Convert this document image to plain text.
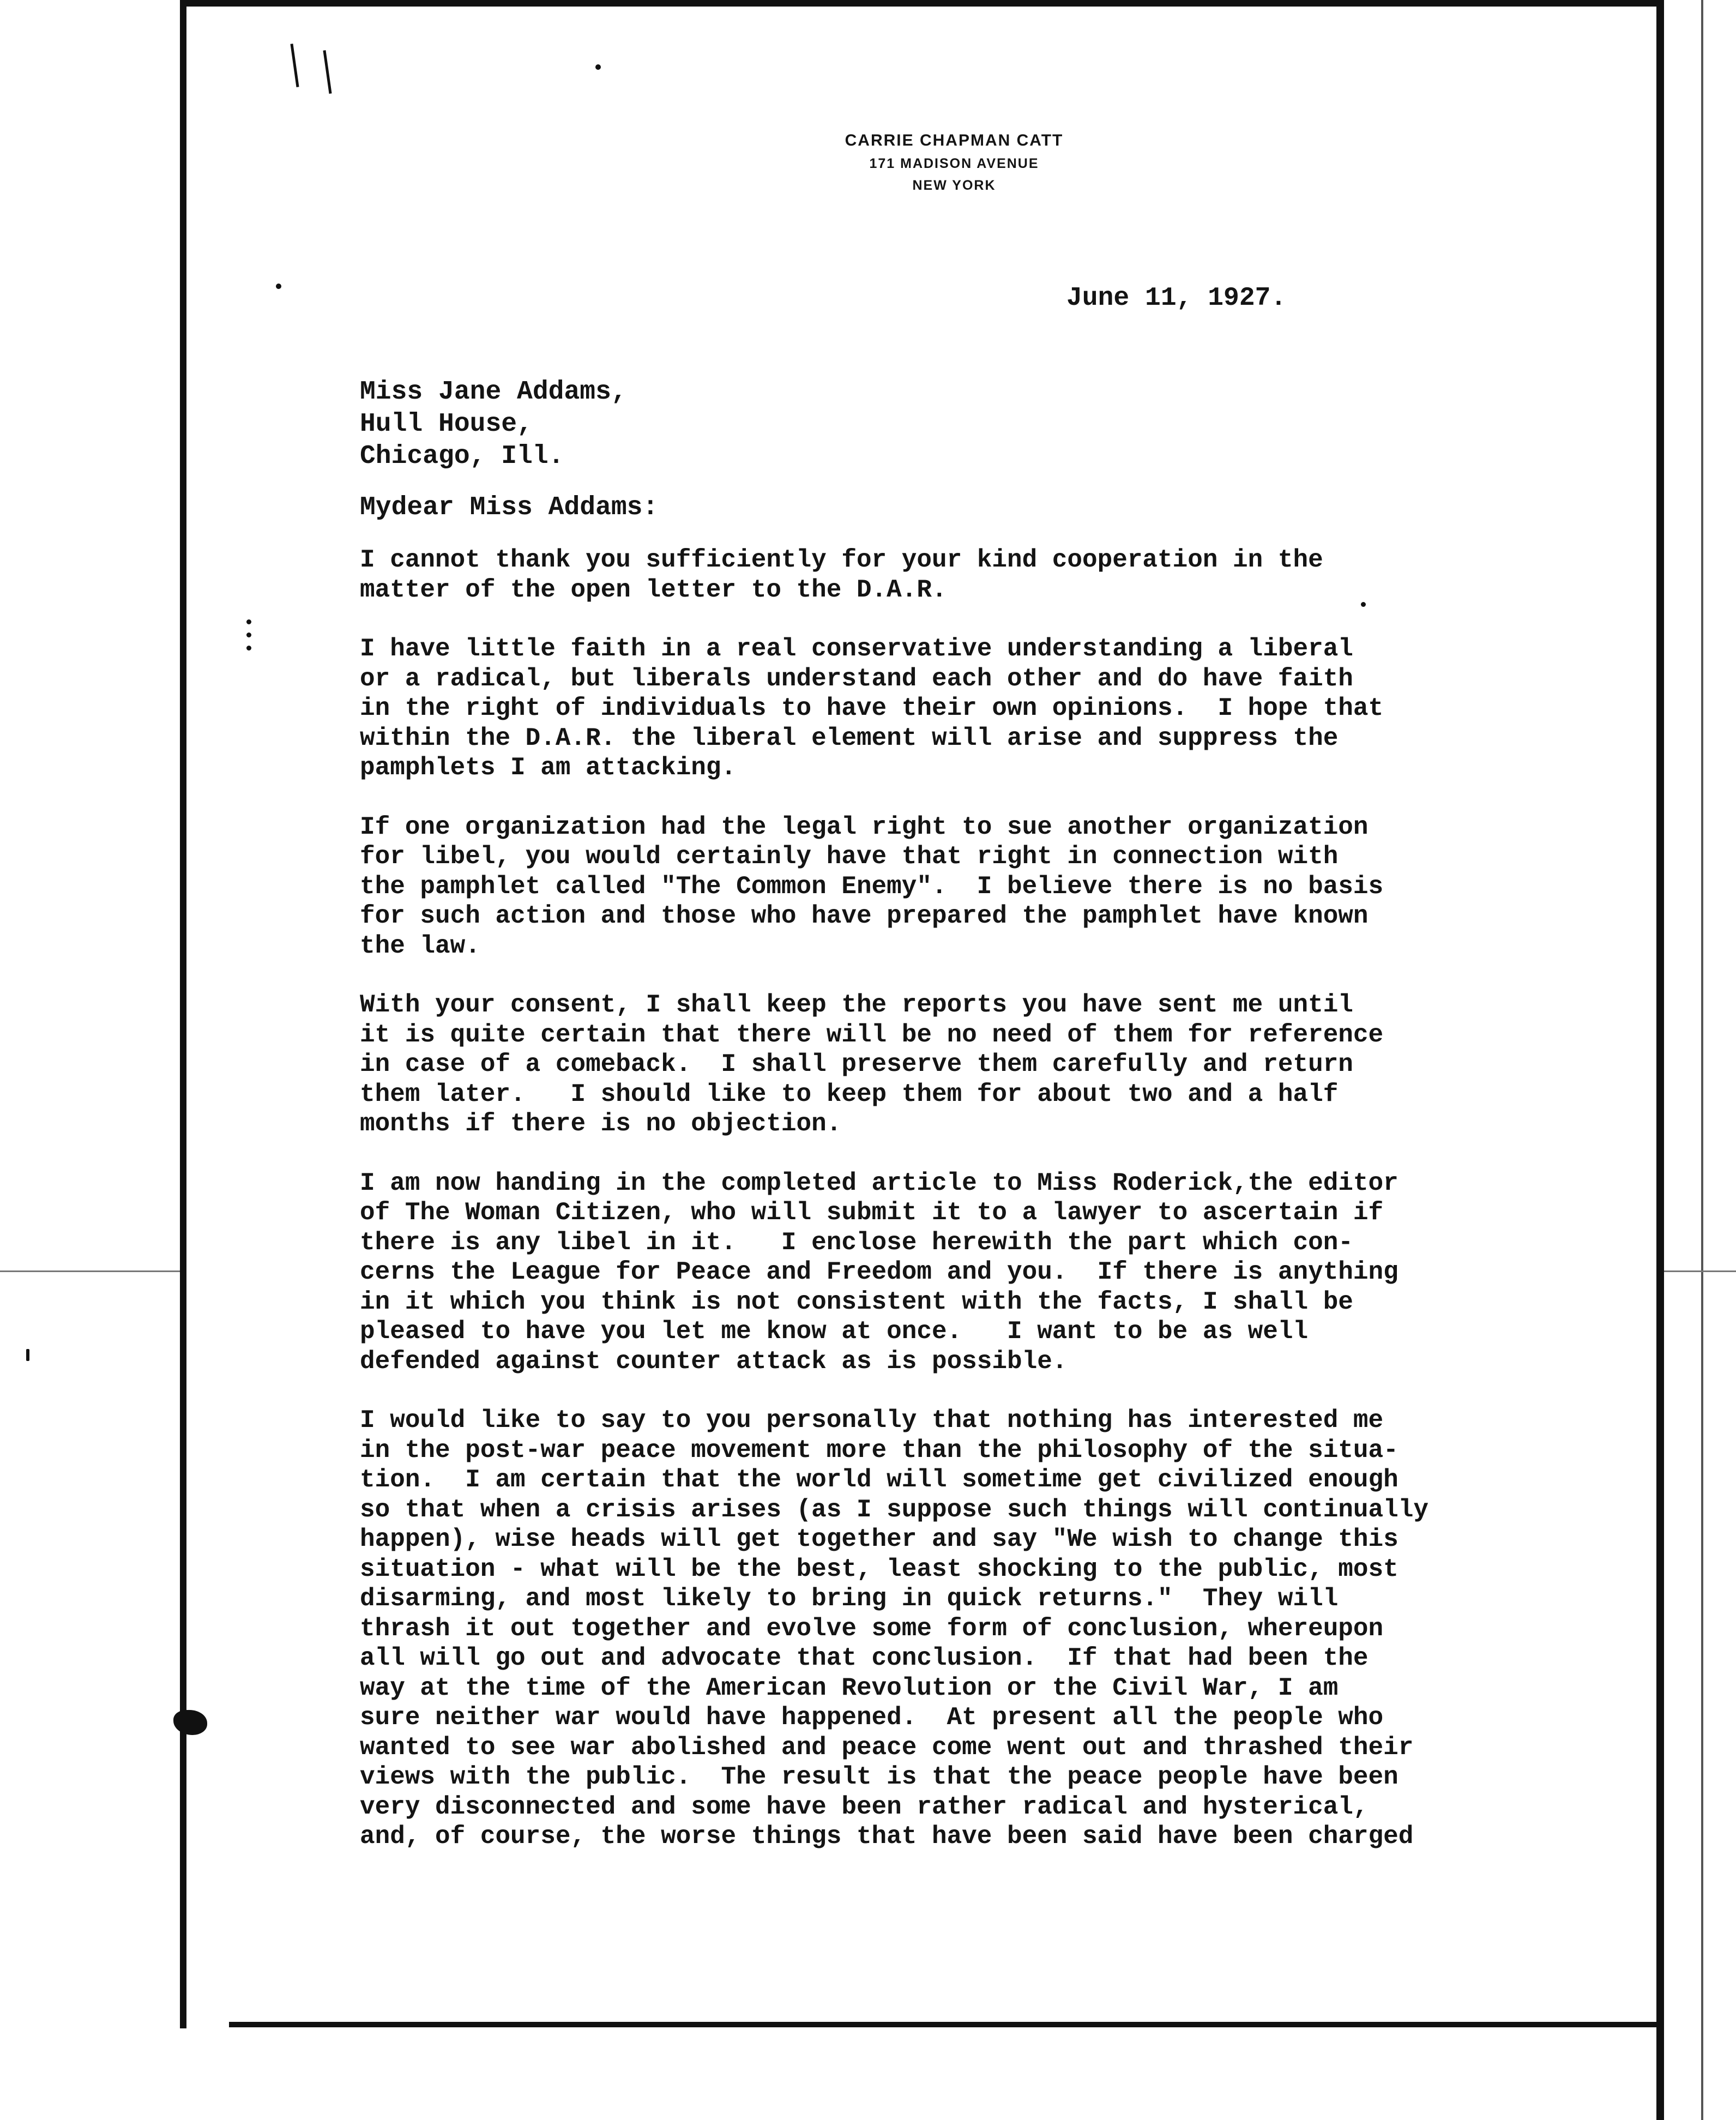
CARRIE CHAPMAN CATT
171 MADISON AVENUE
NEW YORK
June 11, 1927.
Miss Jane Addams,
Hull House,
Chicago, Ill.
Mydear Miss Addams:
I cannot thank you sufficiently for your kind cooperation in the
matter of the open letter to the D.A.R.
I have little faith in a real conservative understanding a liberal
or a radical, but liberals understand each other and do have faith
in the right of individuals to have their own opinions.  I hope that
within the D.A.R. the liberal element will arise and suppress the
pamphlets I am attacking.
If one organization had the legal right to sue another organization
for libel, you would certainly have that right in connection with
the pamphlet called "The Common Enemy".  I believe there is no basis
for such action and those who have prepared the pamphlet have known
the law.
With your consent, I shall keep the reports you have sent me until
it is quite certain that there will be no need of them for reference
in case of a comeback.  I shall preserve them carefully and return
them later.   I should like to keep them for about two and a half
months if there is no objection.
I am now handing in the completed article to Miss Roderick,the editor
of The Woman Citizen, who will submit it to a lawyer to ascertain if
there is any libel in it.   I enclose herewith the part which con-
cerns the League for Peace and Freedom and you.  If there is anything
in it which you think is not consistent with the facts, I shall be
pleased to have you let me know at once.   I want to be as well
defended against counter attack as is possible.
I would like to say to you personally that nothing has interested me
in the post-war peace movement more than the philosophy of the situa-
tion.  I am certain that the world will sometime get civilized enough
so that when a crisis arises (as I suppose such things will continually
happen), wise heads will get together and say "We wish to change this
situation - what will be the best, least shocking to the public, most
disarming, and most likely to bring in quick returns."  They will
thrash it out together and evolve some form of conclusion, whereupon
all will go out and advocate that conclusion.  If that had been the
way at the time of the American Revolution or the Civil War, I am
sure neither war would have happened.  At present all the people who
wanted to see war abolished and peace come went out and thrashed their
views with the public.  The result is that the peace people have been
very disconnected and some have been rather radical and hysterical,
and, of course, the worse things that have been said have been charged
